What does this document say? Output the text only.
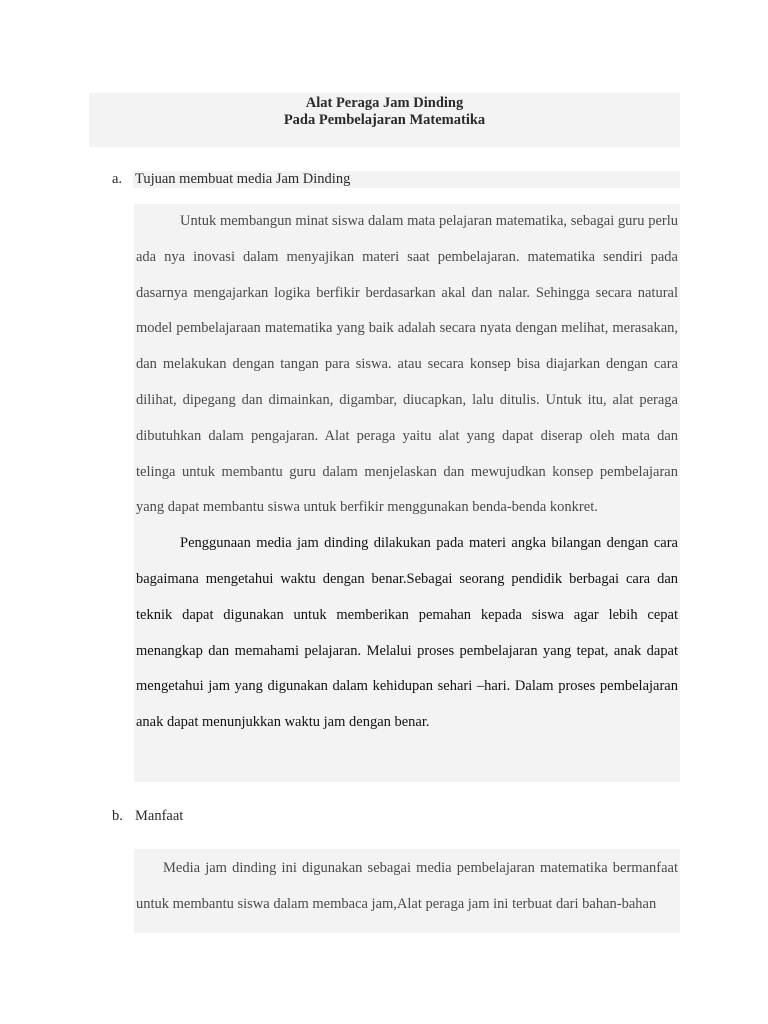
Alat Peraga Jam Dinding
Pada Pembelajaran Matematika
a. Tujuan membuat media Jam Dinding

Untuk membangun minat siswa dalam mata pelajaran matematika, sebagai guru perlu ada nya inovasi dalam menyajikan materi saat pembelajaran. matematika sendiri pada dasarnya mengajarkan logika berfikir berdasarkan akal dan nalar. Sehingga secara natural model pembelajaraan matematika yang baik adalah secara nyata dengan melihat, merasakan, dan melakukan dengan tangan para siswa. atau secara konsep bisa diajarkan dengan cara dilihat, dipegang dan dimainkan, digambar, diucapkan, lalu ditulis. Untuk itu, alat peraga dibutuhkan dalam pengajaran. Alat peraga yaitu alat yang dapat diserap oleh mata dan telinga untuk membantu guru dalam menjelaskan dan mewujudkan konsep pembelajaran yang dapat membantu siswa untuk berfikir menggunakan benda-benda konkret.

Penggunaan media jam dinding dilakukan pada materi angka bilangan dengan cara bagaimana mengetahui waktu dengan benar.Sebagai seorang pendidik berbagai cara dan teknik dapat digunakan untuk memberikan pemahan kepada siswa agar lebih cepat menangkap dan memahami pelajaran. Melalui proses pembelajaran yang tepat, anak dapat mengetahui jam yang digunakan dalam kehidupan sehari –hari. Dalam proses pembelajaran anak dapat menunjukkan waktu jam dengan benar.

b. Manfaat

Media jam dinding ini digunakan sebagai media pembelajaran matematika bermanfaat untuk membantu siswa dalam membaca jam,Alat peraga jam ini terbuat dari bahan-bahan
